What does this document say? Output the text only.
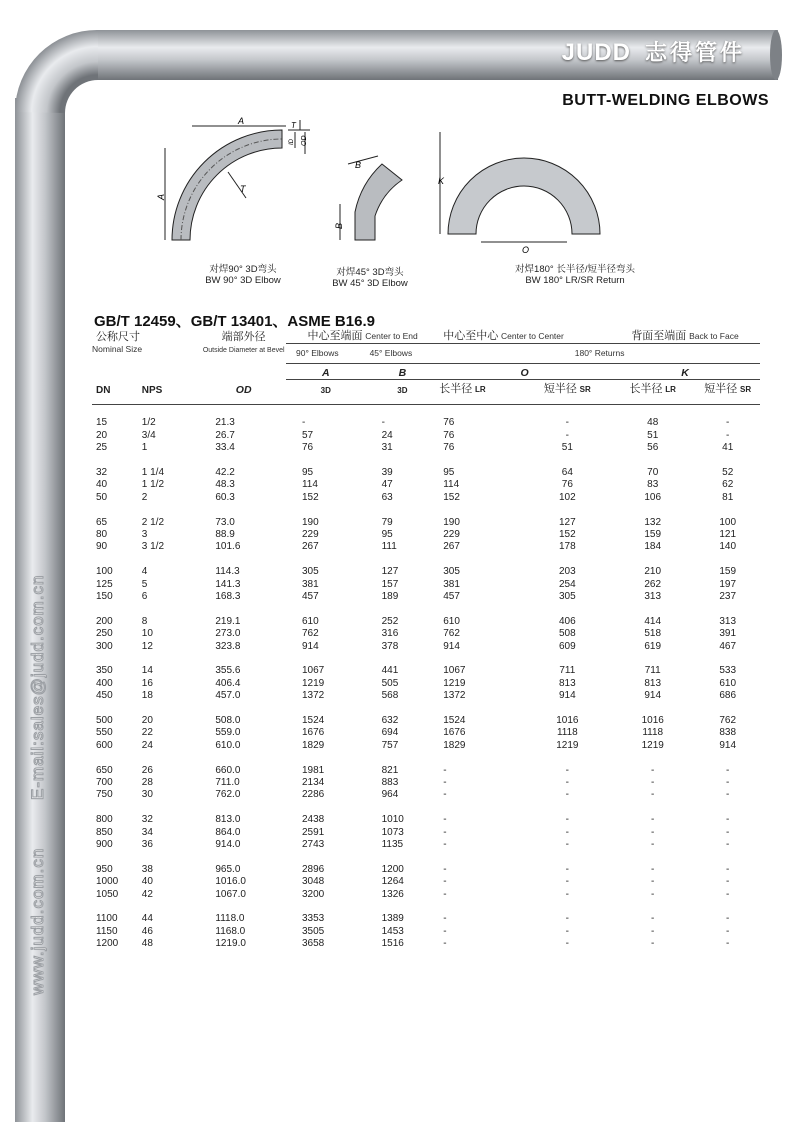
JUDD 志得管件
BUTT-WELDING ELBOWS
E-mail:sales@judd.com.cn
www.judd.com.cn
A	T
ID OD
A
T
B
B
K
O
对焊90° 3D弯头
BW 90° 3D Elbow
对焊45° 3D弯头
BW 45° 3D Elbow
对焊180° 长半径/短半径弯头
BW 180° LR/SR Return
GB/T 12459、GB/T 13401、ASME B16.9
公称尺寸		端部外径	中心至端面 Center to End		中心至中心 Center to Center		背面至端面 Back to Face	
Nominal Size		Outside Diameter at Bevel	90° Elbows	45° Elbows	180° Returns			
			A	B	O		K	
DN	NPS	OD	3D	3D	长半径 LR	短半径 SR	长半径 LR	短半径 SR

15	1/2	21.3	-	-	76	-	48	-
20	3/4	26.7	57	24	76	-	51	-
25	1	33.4	76	31	76	51	56	41

32	1 1/4	42.2	95	39	95	64	70	52
40	1 1/2	48.3	114	47	114	76	83	62
50	2	60.3	152	63	152	102	106	81

65	2 1/2	73.0	190	79	190	127	132	100
80	3	88.9	229	95	229	152	159	121
90	3 1/2	101.6	267	111	267	178	184	140

100	4	114.3	305	127	305	203	210	159
125	5	141.3	381	157	381	254	262	197
150	6	168.3	457	189	457	305	313	237

200	8	219.1	610	252	610	406	414	313
250	10	273.0	762	316	762	508	518	391
300	12	323.8	914	378	914	609	619	467

350	14	355.6	1067	441	1067	711	711	533
400	16	406.4	1219	505	1219	813	813	610
450	18	457.0	1372	568	1372	914	914	686

500	20	508.0	1524	632	1524	1016	1016	762
550	22	559.0	1676	694	1676	1118	1118	838
600	24	610.0	1829	757	1829	1219	1219	914

650	26	660.0	1981	821	-	-	-	-
700	28	711.0	2134	883	-	-	-	-
750	30	762.0	2286	964	-	-	-	-

800	32	813.0	2438	1010	-	-	-	-
850	34	864.0	2591	1073	-	-	-	-
900	36	914.0	2743	1135	-	-	-	-

950	38	965.0	2896	1200	-	-	-	-
1000	40	1016.0	3048	1264	-	-	-	-
1050	42	1067.0	3200	1326	-	-	-	-

1100	44	1118.0	3353	1389	-	-	-	-
1150	46	1168.0	3505	1453	-	-	-	-
1200	48	1219.0	3658	1516	-	-	-	-
